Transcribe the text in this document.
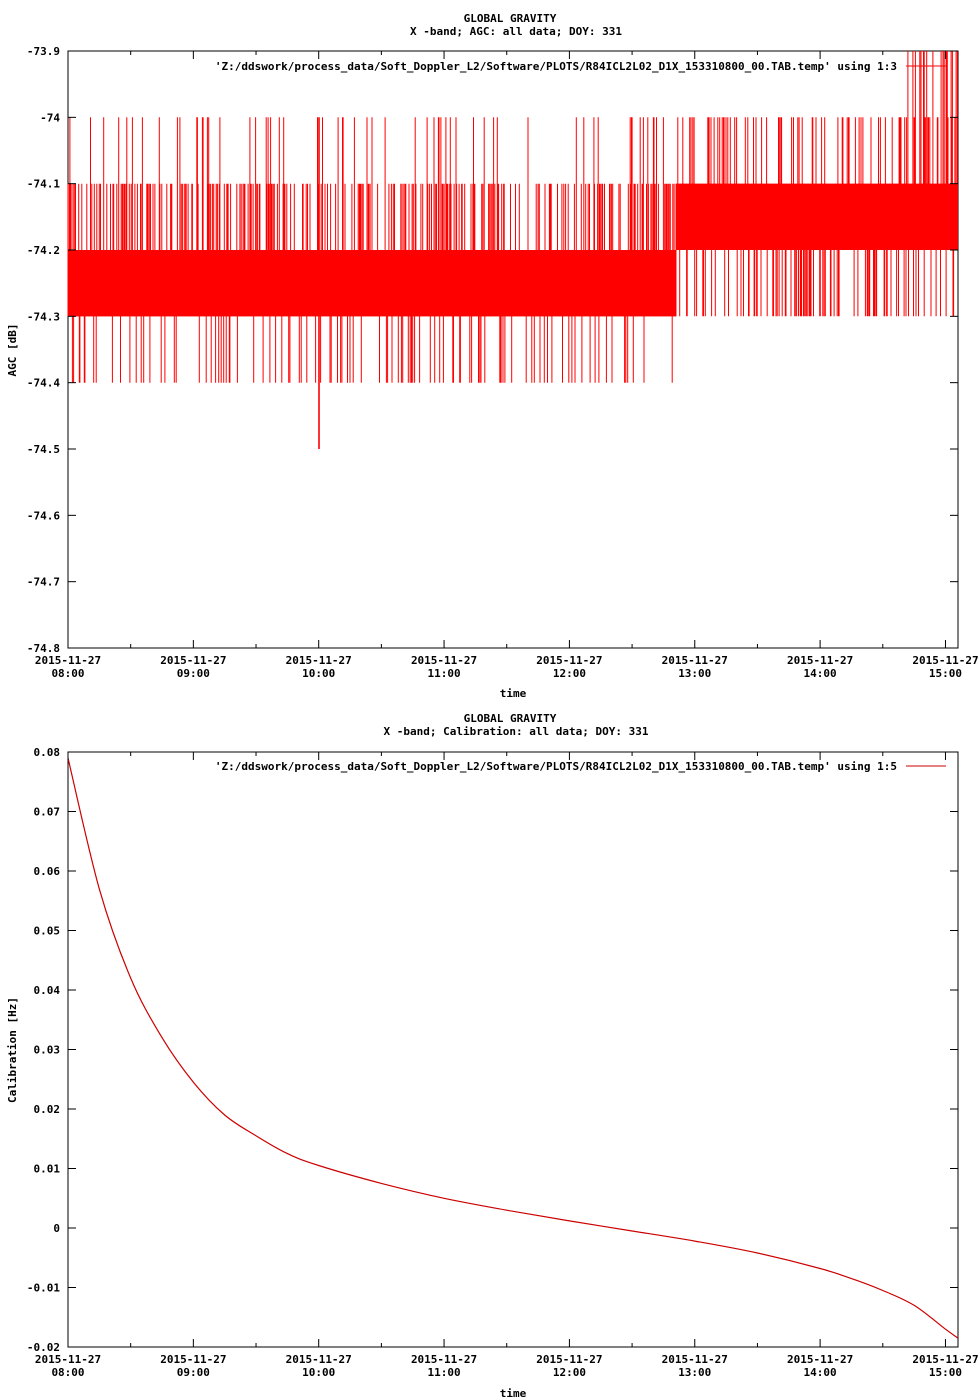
GLOBAL GRAVITY
X -band; AGC: all data; DOY: 331
-73.9
-74
-74.1
-74.2
-74.3
-74.4
-74.5
-74.6
-74.7
-74.8
2015-11-27
08:00
2015-11-27
09:00
2015-11-27
10:00
2015-11-27
11:00
2015-11-27
12:00
2015-11-27
13:00
2015-11-27
14:00
2015-11-27
15:00
time
AGC [dB]
'Z:/ddswork/process_data/Soft_Doppler_L2/Software/PLOTS/R84ICL2L02_D1X_153310800_00.TAB.temp' using 1:3
GLOBAL GRAVITY
X -band; Calibration: all data; DOY: 331
0.08
0.07
0.06
0.05
0.04
0.03
0.02
0.01
0
-0.01
-0.02
2015-11-27
08:00
2015-11-27
09:00
2015-11-27
10:00
2015-11-27
11:00
2015-11-27
12:00
2015-11-27
13:00
2015-11-27
14:00
2015-11-27
15:00
time
Calibration [Hz]
'Z:/ddswork/process_data/Soft_Doppler_L2/Software/PLOTS/R84ICL2L02_D1X_153310800_00.TAB.temp' using 1:5
